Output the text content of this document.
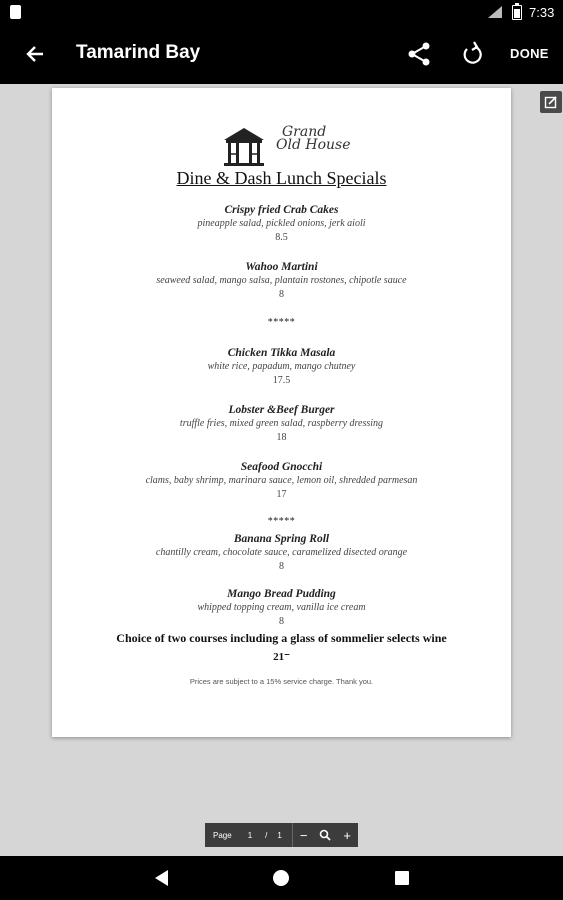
7:33
Tamarind Bay	DONE
Grand
Old House
Dine & Dash Lunch Specials
Crispy fried Crab Cakes
pineapple salad, pickled onions, jerk aioli
8.5
Wahoo Martini
seaweed salad, mango salsa, plantain rostones, chipotle sauce
8
*****
Chicken Tikka Masala
white rice, papadum, mango chutney
17.5
Lobster &Beef Burger
truffle fries, mixed green salad, raspberry dressing
18
Seafood Gnocchi
clams, baby shrimp, marinara sauce, lemon oil, shredded parmesan
17
*****
Banana Spring Roll
chantilly cream, chocolate sauce, caramelized disected orange
8
Mango Bread Pudding
whipped topping cream, vanilla ice cream
8
Choice of two courses including a glass of sommelier selects wine
21⁻
Prices are subject to a 15% service charge. Thank you.
Page 1 / 1	−	+
